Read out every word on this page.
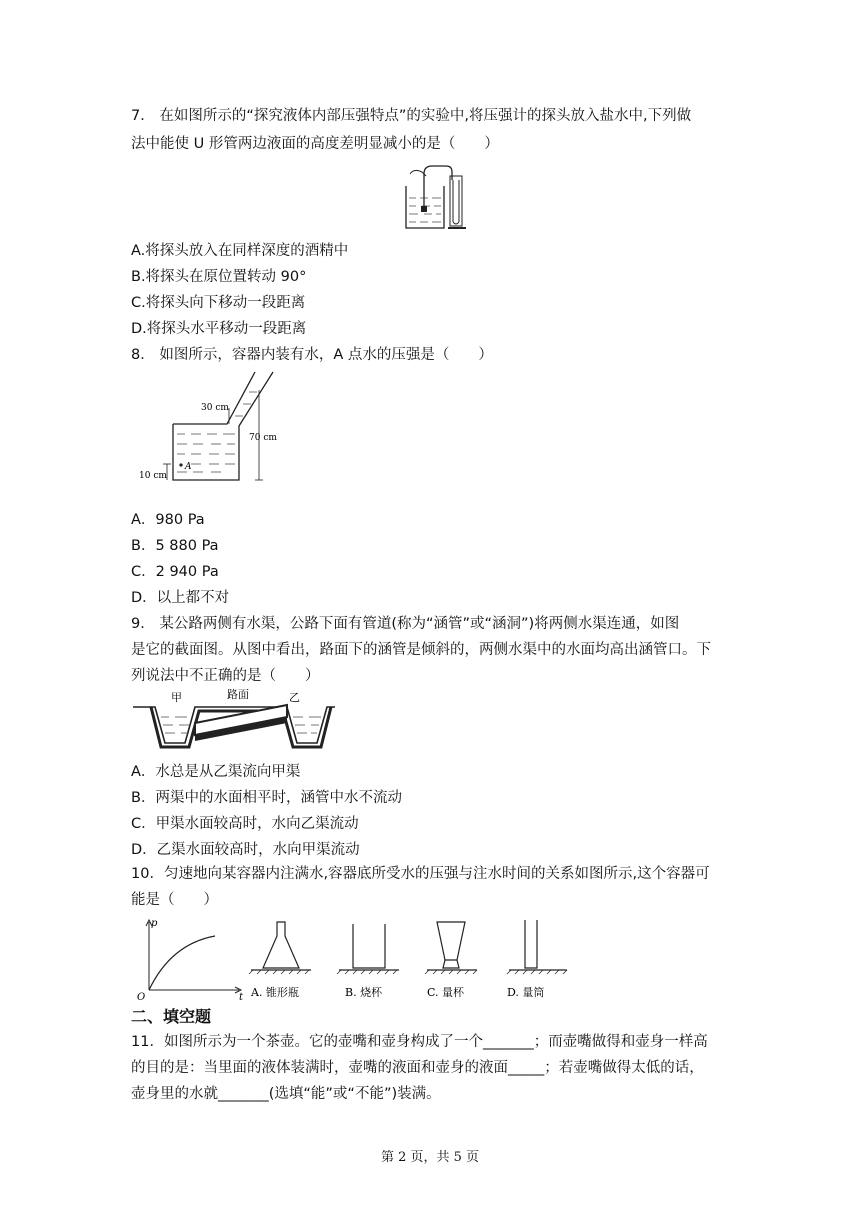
7． 在如图所示的“探究液体内部压强特点”的实验中,将压强计的探头放入盐水中,下列做
法中能使 U 形管两边液面的高度差明显减小的是（　　）
A.将探头放入在同样深度的酒精中
B.将探头在原位置转动 90°
C.将探头向下移动一段距离
D.将探头水平移动一段距离
8． 如图所示，容器内装有水，A 点水的压强是（　　）
30 cm
70 cm
10 cm
A
A．980 Pa
B．5 880 Pa
C．2 940 Pa
D．以上都不对
9． 某公路两侧有水渠，公路下面有管道(称为“涵管”或“涵洞”)将两侧水渠连通，如图
是它的截面图。从图中看出，路面下的涵管是倾斜的，两侧水渠中的水面均高出涵管口。下
列说法中不正确的是（　　）
甲	路面	乙
A．水总是从乙渠流向甲渠
B．两渠中的水面相平时，涵管中水不流动
C．甲渠水面较高时，水向乙渠流动
D．乙渠水面较高时，水向甲渠流动
10．匀速地向某容器内注满水,容器底所受水的压强与注水时间的关系如图所示,这个容器可
能是（　　）
p
t
O	A. 锥形瓶	B. 烧杯	C. 量杯	D. 量筒
二、填空题
11．如图所示为一个茶壶。它的壶嘴和壶身构成了一个_______；而壶嘴做得和壶身一样高
的目的是：当里面的液体装满时，壶嘴的液面和壶身的液面_____；若壶嘴做得太低的话，
壶身里的水就_______(选填“能”或“不能”)装满。
第 2 页，共 5 页
